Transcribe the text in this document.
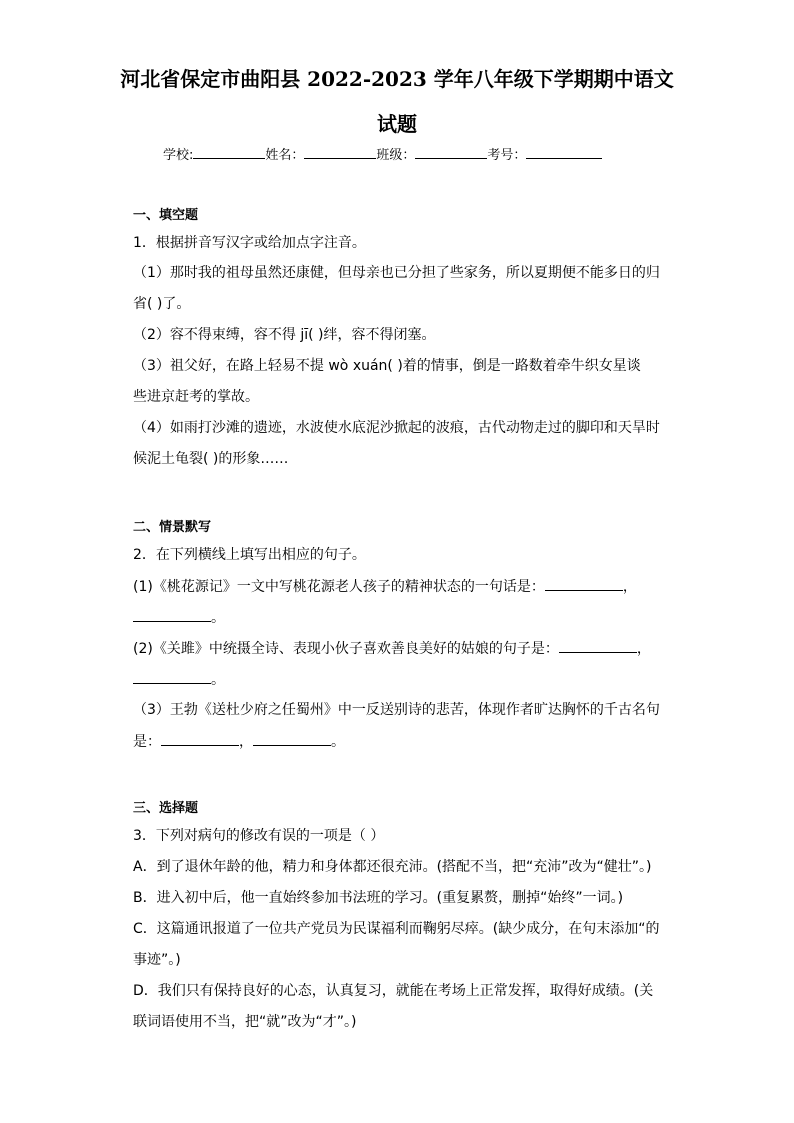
河北省保定市曲阳县 2022-2023 学年八年级下学期期中语文
试题
学校:	姓名：	班级：	考号：
一、填空题
1．根据拼音写汉字或给加点字注音。
（1）那时我的祖母虽然还康健，但母亲也已分担了些家务，所以夏期便不能多日的归
省( )了。
（2）容不得束缚，容不得 jī( )绊，容不得闭塞。
（3）祖父好，在路上轻易不提 wò xuán( )着的情事，倒是一路数着牵牛织女星谈
些进京赶考的掌故。
（4）如雨打沙滩的遗迹，水波使水底泥沙掀起的波痕，古代动物走过的脚印和天旱时
候泥土龟裂( )的形象……
二、情景默写
2．在下列横线上填写出相应的句子。
(1)《桃花源记》一文中写桃花源老人孩子的精神状态的一句话是：	，
。
(2)《关雎》中统摄全诗、表现小伙子喜欢善良美好的姑娘的句子是：	，
。
（3）王勃《送杜少府之任蜀州》中一反送别诗的悲苦，体现作者旷达胸怀的千古名句
是：	，	。
三、选择题
3．下列对病句的修改有误的一项是（ ）
A．到了退休年龄的他，精力和身体都还很充沛。(搭配不当，把“充沛”改为“健壮”。)
B．进入初中后，他一直始终参加书法班的学习。(重复累赘，删掉“始终”一词。)
C．这篇通讯报道了一位共产党员为民谋福利而鞠躬尽瘁。(缺少成分，在句末添加“的
事迹”。)
D．我们只有保持良好的心态，认真复习，就能在考场上正常发挥，取得好成绩。(关
联词语使用不当，把“就”改为“才”。)
